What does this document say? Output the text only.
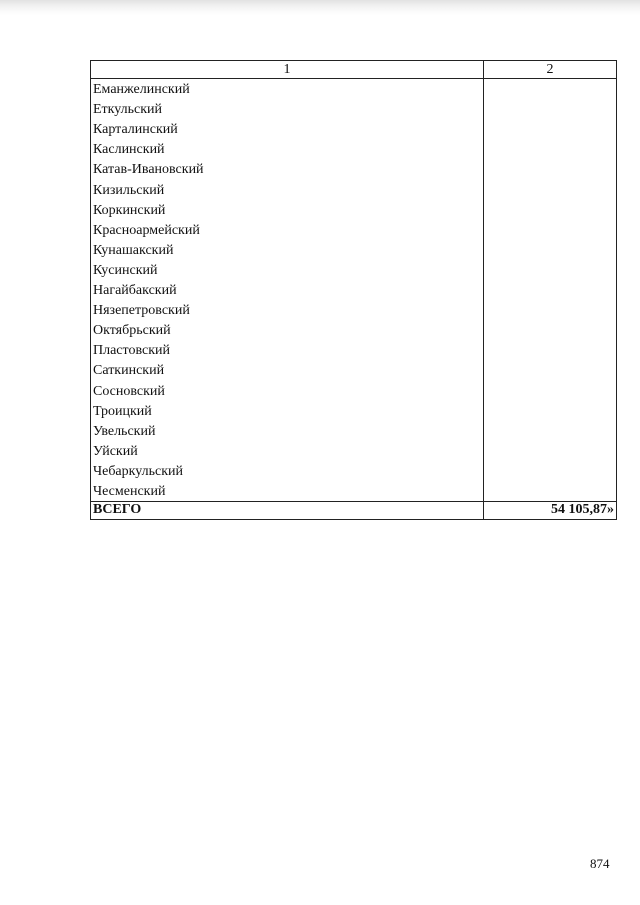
1	2
Еманжелинский	
Еткульский	
Карталинский	
Каслинский	
Катав-Ивановский	
Кизильский	
Коркинский	
Красноармейский	
Кунашакский	
Кусинский	
Нагайбакский	
Нязепетровский	
Октябрьский	
Пластовский	
Саткинский	
Сосновский	
Троицкий	
Увельский	
Уйский	
Чебаркульский	
Чесменский	
ВСЕГО	54 105,87»
874
